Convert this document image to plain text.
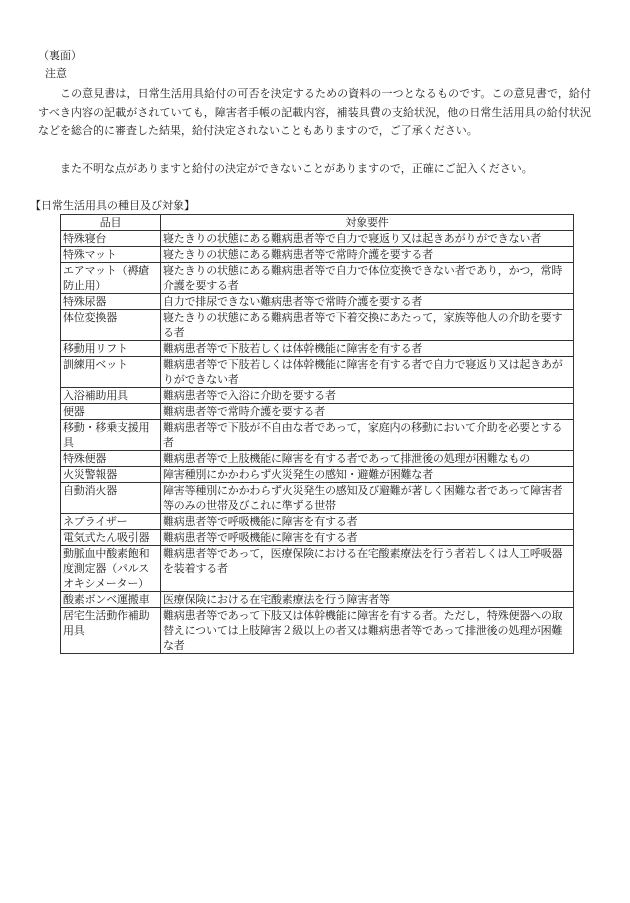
（裏面）
注意

この意見書は，日常生活用具給付の可否を決定するための資料の一つとなるものです。この意見書で，給付すべき内容の記載がされていても，障害者手帳の記載内容，補装具費の支給状況，他の日常生活用具の給付状況などを総合的に審査した結果，給付決定されないこともありますので，ご了承ください。

また不明な点がありますと給付の決定ができないことがありますので，正確にご記入ください。

【日常生活用具の種目及び対象】
品目	対象要件
特殊寝台	寝たきりの状態にある難病患者等で自力で寝返り又は起きあがりができない者
特殊マット	寝たきりの状態にある難病患者等で常時介護を要する者
エアマット（褥瘡防止用）	寝たきりの状態にある難病患者等で自力で体位変換できない者であり，かつ，常時介護を要する者
特殊尿器	自力で排尿できない難病患者等で常時介護を要する者
体位変換器	寝たきりの状態にある難病患者等で下着交換にあたって，家族等他人の介助を要する者
移動用リフト	難病患者等で下肢若しくは体幹機能に障害を有する者
訓練用ベット	難病患者等で下肢若しくは体幹機能に障害を有する者で自力で寝返り又は起きあがりができない者
入浴補助用具	難病患者等で入浴に介助を要する者
便器	難病患者等で常時介護を要する者
移動・移乗支援用具	難病患者等で下肢が不自由な者であって，家庭内の移動において介助を必要とする者
特殊便器	難病患者等で上肢機能に障害を有する者であって排泄後の処理が困難なもの
火災警報器	障害種別にかかわらず火災発生の感知・避難が困難な者
自動消火器	障害等種別にかかわらず火災発生の感知及び避難が著しく困難な者であって障害者等のみの世帯及びこれに準ずる世帯
ネブライザー	難病患者等で呼吸機能に障害を有する者
電気式たん吸引器	難病患者等で呼吸機能に障害を有する者
動脈血中酸素飽和度測定器（パルスオキシメーター）	難病患者等であって，医療保険における在宅酸素療法を行う者若しくは人工呼吸器を装着する者
酸素ボンベ運搬車	医療保険における在宅酸素療法を行う障害者等
居宅生活動作補助用具	難病患者等であって下肢又は体幹機能に障害を有する者。ただし，特殊便器への取替えについては上肢障害２級以上の者又は難病患者等であって排泄後の処理が困難な者
